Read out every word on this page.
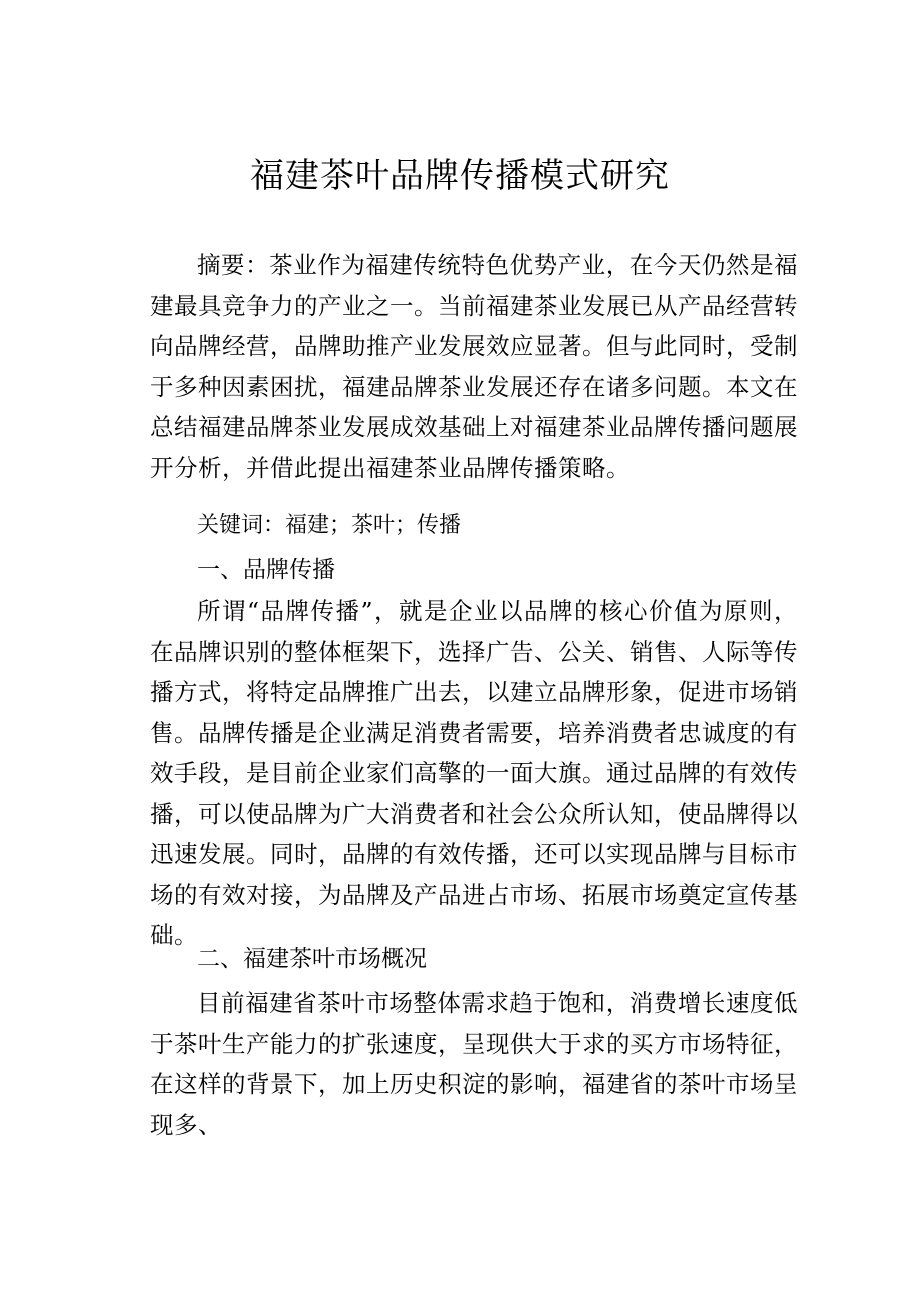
福建茶叶品牌传播模式研究
摘要：茶业作为福建传统特色优势产业，在今天仍然是福建最具竞争力的产业之一。当前福建茶业发展已从产品经营转向品牌经营，品牌助推产业发展效应显著。但与此同时，受制于多种因素困扰，福建品牌茶业发展还存在诸多问题。本文在总结福建品牌茶业发展成效基础上对福建茶业品牌传播问题展开分析，并借此提出福建茶业品牌传播策略。
关键词：福建；茶叶；传播
一、品牌传播
所谓“品牌传播”，就是企业以品牌的核心价值为原则，在品牌识别的整体框架下，选择广告、公关、销售、人际等传播方式，将特定品牌推广出去，以建立品牌形象，促进市场销售。品牌传播是企业满足消费者需要，培养消费者忠诚度的有效手段，是目前企业家们高擎的一面大旗。通过品牌的有效传播，可以使品牌为广大消费者和社会公众所认知，使品牌得以迅速发展。同时，品牌的有效传播，还可以实现品牌与目标市场的有效对接，为品牌及产品进占市场、拓展市场奠定宣传基础。
二、福建茶叶市场概况
目前福建省茶叶市场整体需求趋于饱和，消费增长速度低于茶叶生产能力的扩张速度，呈现供大于求的买方市场特征，在这样的背景下，加上历史积淀的影响，福建省的茶叶市场呈现多、
